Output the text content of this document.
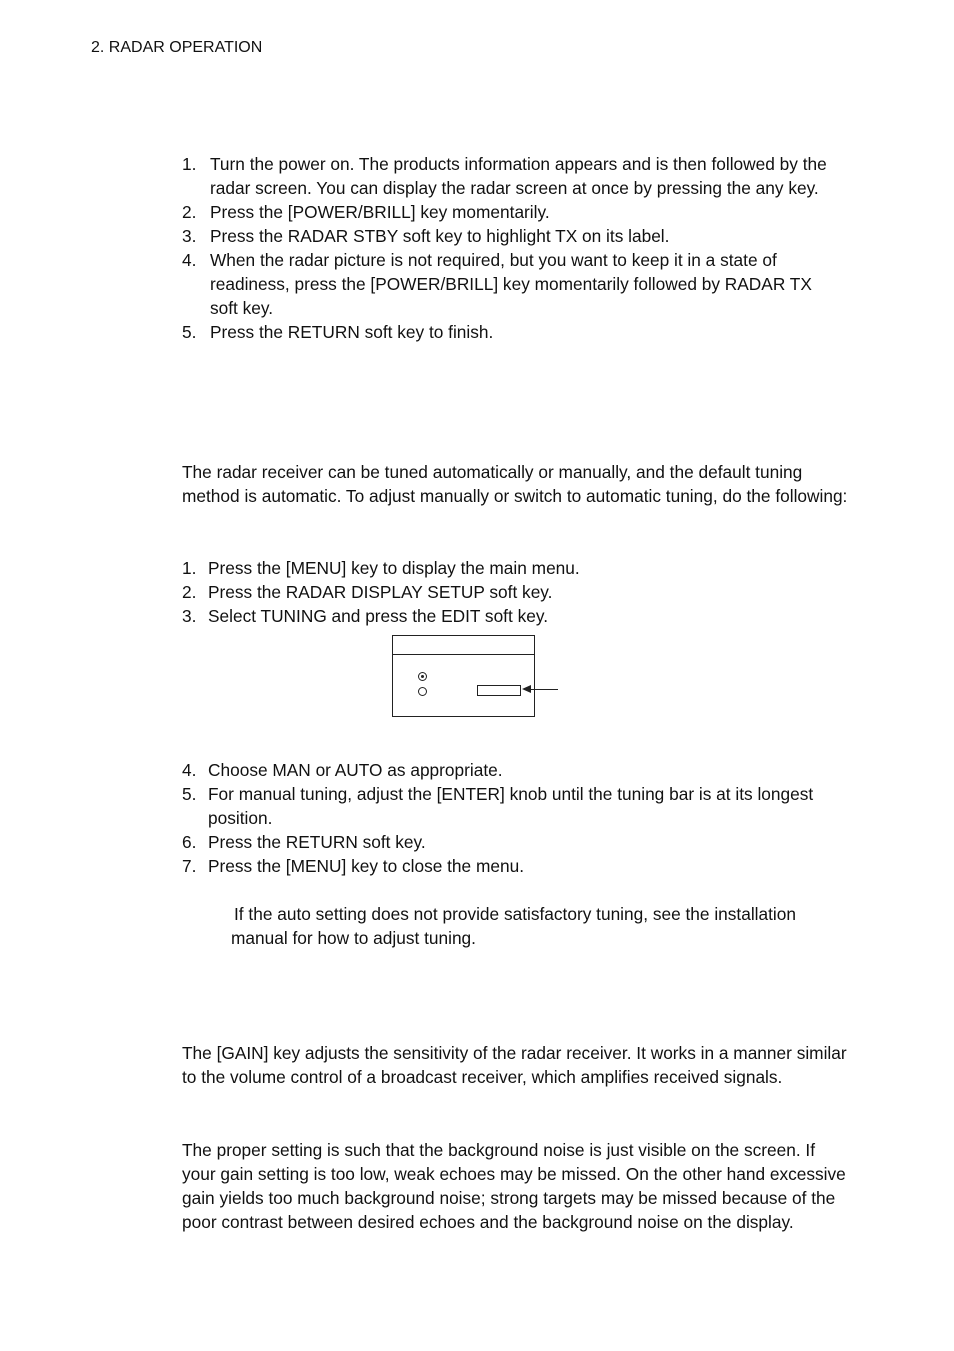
2. RADAR OPERATION
1. Turn the power on. The products information appears and is then followed by the radar screen. You can display the radar screen at once by pressing the any key.
2. Press the [POWER/BRILL] key momentarily.
3. Press the RADAR STBY soft key to highlight TX on its label.
4. When the radar picture is not required, but you want to keep it in a state of readiness, press the [POWER/BRILL] key momentarily followed by RADAR TX soft key.
5. Press the RETURN soft key to finish.

The radar receiver can be tuned automatically or manually, and the default tuning method is automatic. To adjust manually or switch to automatic tuning, do the following:

1. Press the [MENU] key to display the main menu.
2. Press the RADAR DISPLAY SETUP soft key.
3. Select TUNING and press the EDIT soft key.
4. Choose MAN or AUTO as appropriate.
5. For manual tuning, adjust the [ENTER] knob until the tuning bar is at its longest position.
6. Press the RETURN soft key.
7. Press the [MENU] key to close the menu.

If the auto setting does not provide satisfactory tuning, see the installation manual for how to adjust tuning.

The [GAIN] key adjusts the sensitivity of the radar receiver. It works in a manner similar to the volume control of a broadcast receiver, which amplifies received signals.

The proper setting is such that the background noise is just visible on the screen. If your gain setting is too low, weak echoes may be missed. On the other hand excessive gain yields too much background noise; strong targets may be missed because of the poor contrast between desired echoes and the background noise on the display.
